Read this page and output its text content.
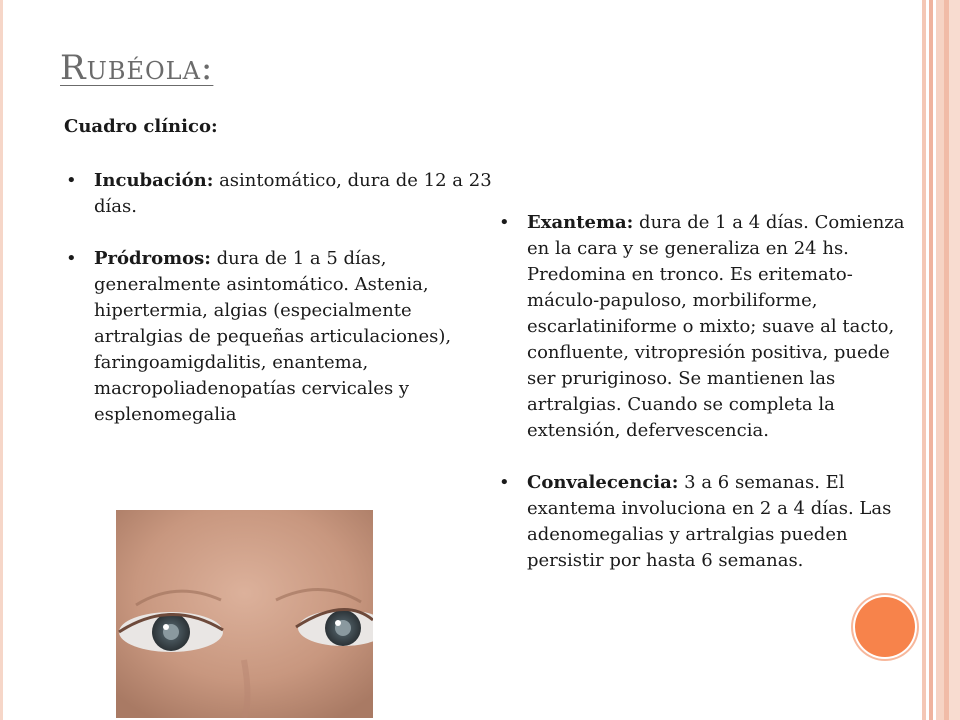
Rubéola:
Cuadro clínico:
• Incubación: asintomático, dura de 12 a 23 días.
• Pródromos: dura de 1 a 5 días, generalmente asintomático. Astenia, hipertermia, algias (especialmente artralgias de pequeñas articulaciones), faringoamigdalitis, enantema, macropoliadenopatías cervicales y esplenomegalia
• Exantema: dura de 1 a 4 días. Comienza en la cara y se generaliza en 24 hs. Predomina en tronco. Es eritemato-máculo-papuloso, morbiliforme, escarlatiniforme o mixto; suave al tacto, confluente, vitropresión positiva, puede ser pruriginoso. Se mantienen las artralgias. Cuando se completa la extensión, defervescencia.
• Convalecencia: 3 a 6 semanas. El exantema involuciona en 2 a 4 días. Las adenomegalias y artralgias pueden persistir por hasta 6 semanas.
